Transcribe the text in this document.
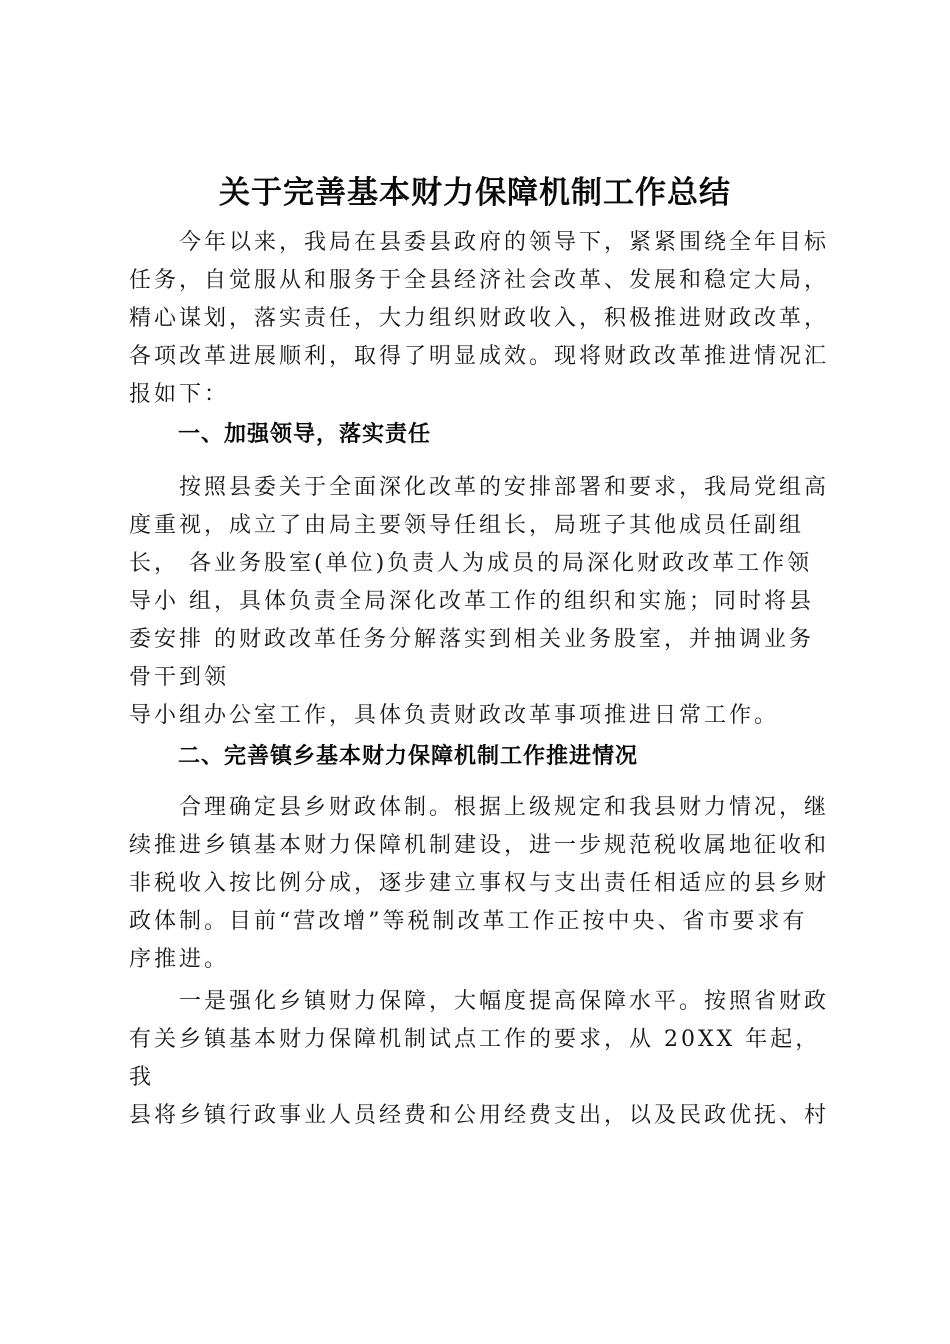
关于完善基本财力保障机制工作总结
今年以来，我局在县委县政府的领导下，紧紧围绕全年目标
任务，自觉服从和服务于全县经济社会改革、发展和稳定大局，
精心谋划，落实责任，大力组织财政收入，积极推进财政改革，
各项改革进展顺利，取得了明显成效。现将财政改革推进情况汇
报如下：
一、加强领导，落实责任
按照县委关于全面深化改革的安排部署和要求，我局党组高
度重视，成立了由局主要领导任组长，局班子其他成员任副组
长， 各业务股室(单位)负责人为成员的局深化财政改革工作领
导小 组，具体负责全局深化改革工作的组织和实施；同时将县
委安排 的财政改革任务分解落实到相关业务股室，并抽调业务
骨干到领
导小组办公室工作，具体负责财政改革事项推进日常工作。
二、完善镇乡基本财力保障机制工作推进情况
合理确定县乡财政体制。根据上级规定和我县财力情况，继
续推进乡镇基本财力保障机制建设，进一步规范税收属地征收和
非税收入按比例分成，逐步建立事权与支出责任相适应的县乡财
政体制。目前“营改增”等税制改革工作正按中央、省市要求有
序推进。
一是强化乡镇财力保障，大幅度提高保障水平。按照省财政
有关乡镇基本财力保障机制试点工作的要求，从 20XX 年起，
我
县将乡镇行政事业人员经费和公用经费支出，以及民政优抚、村
